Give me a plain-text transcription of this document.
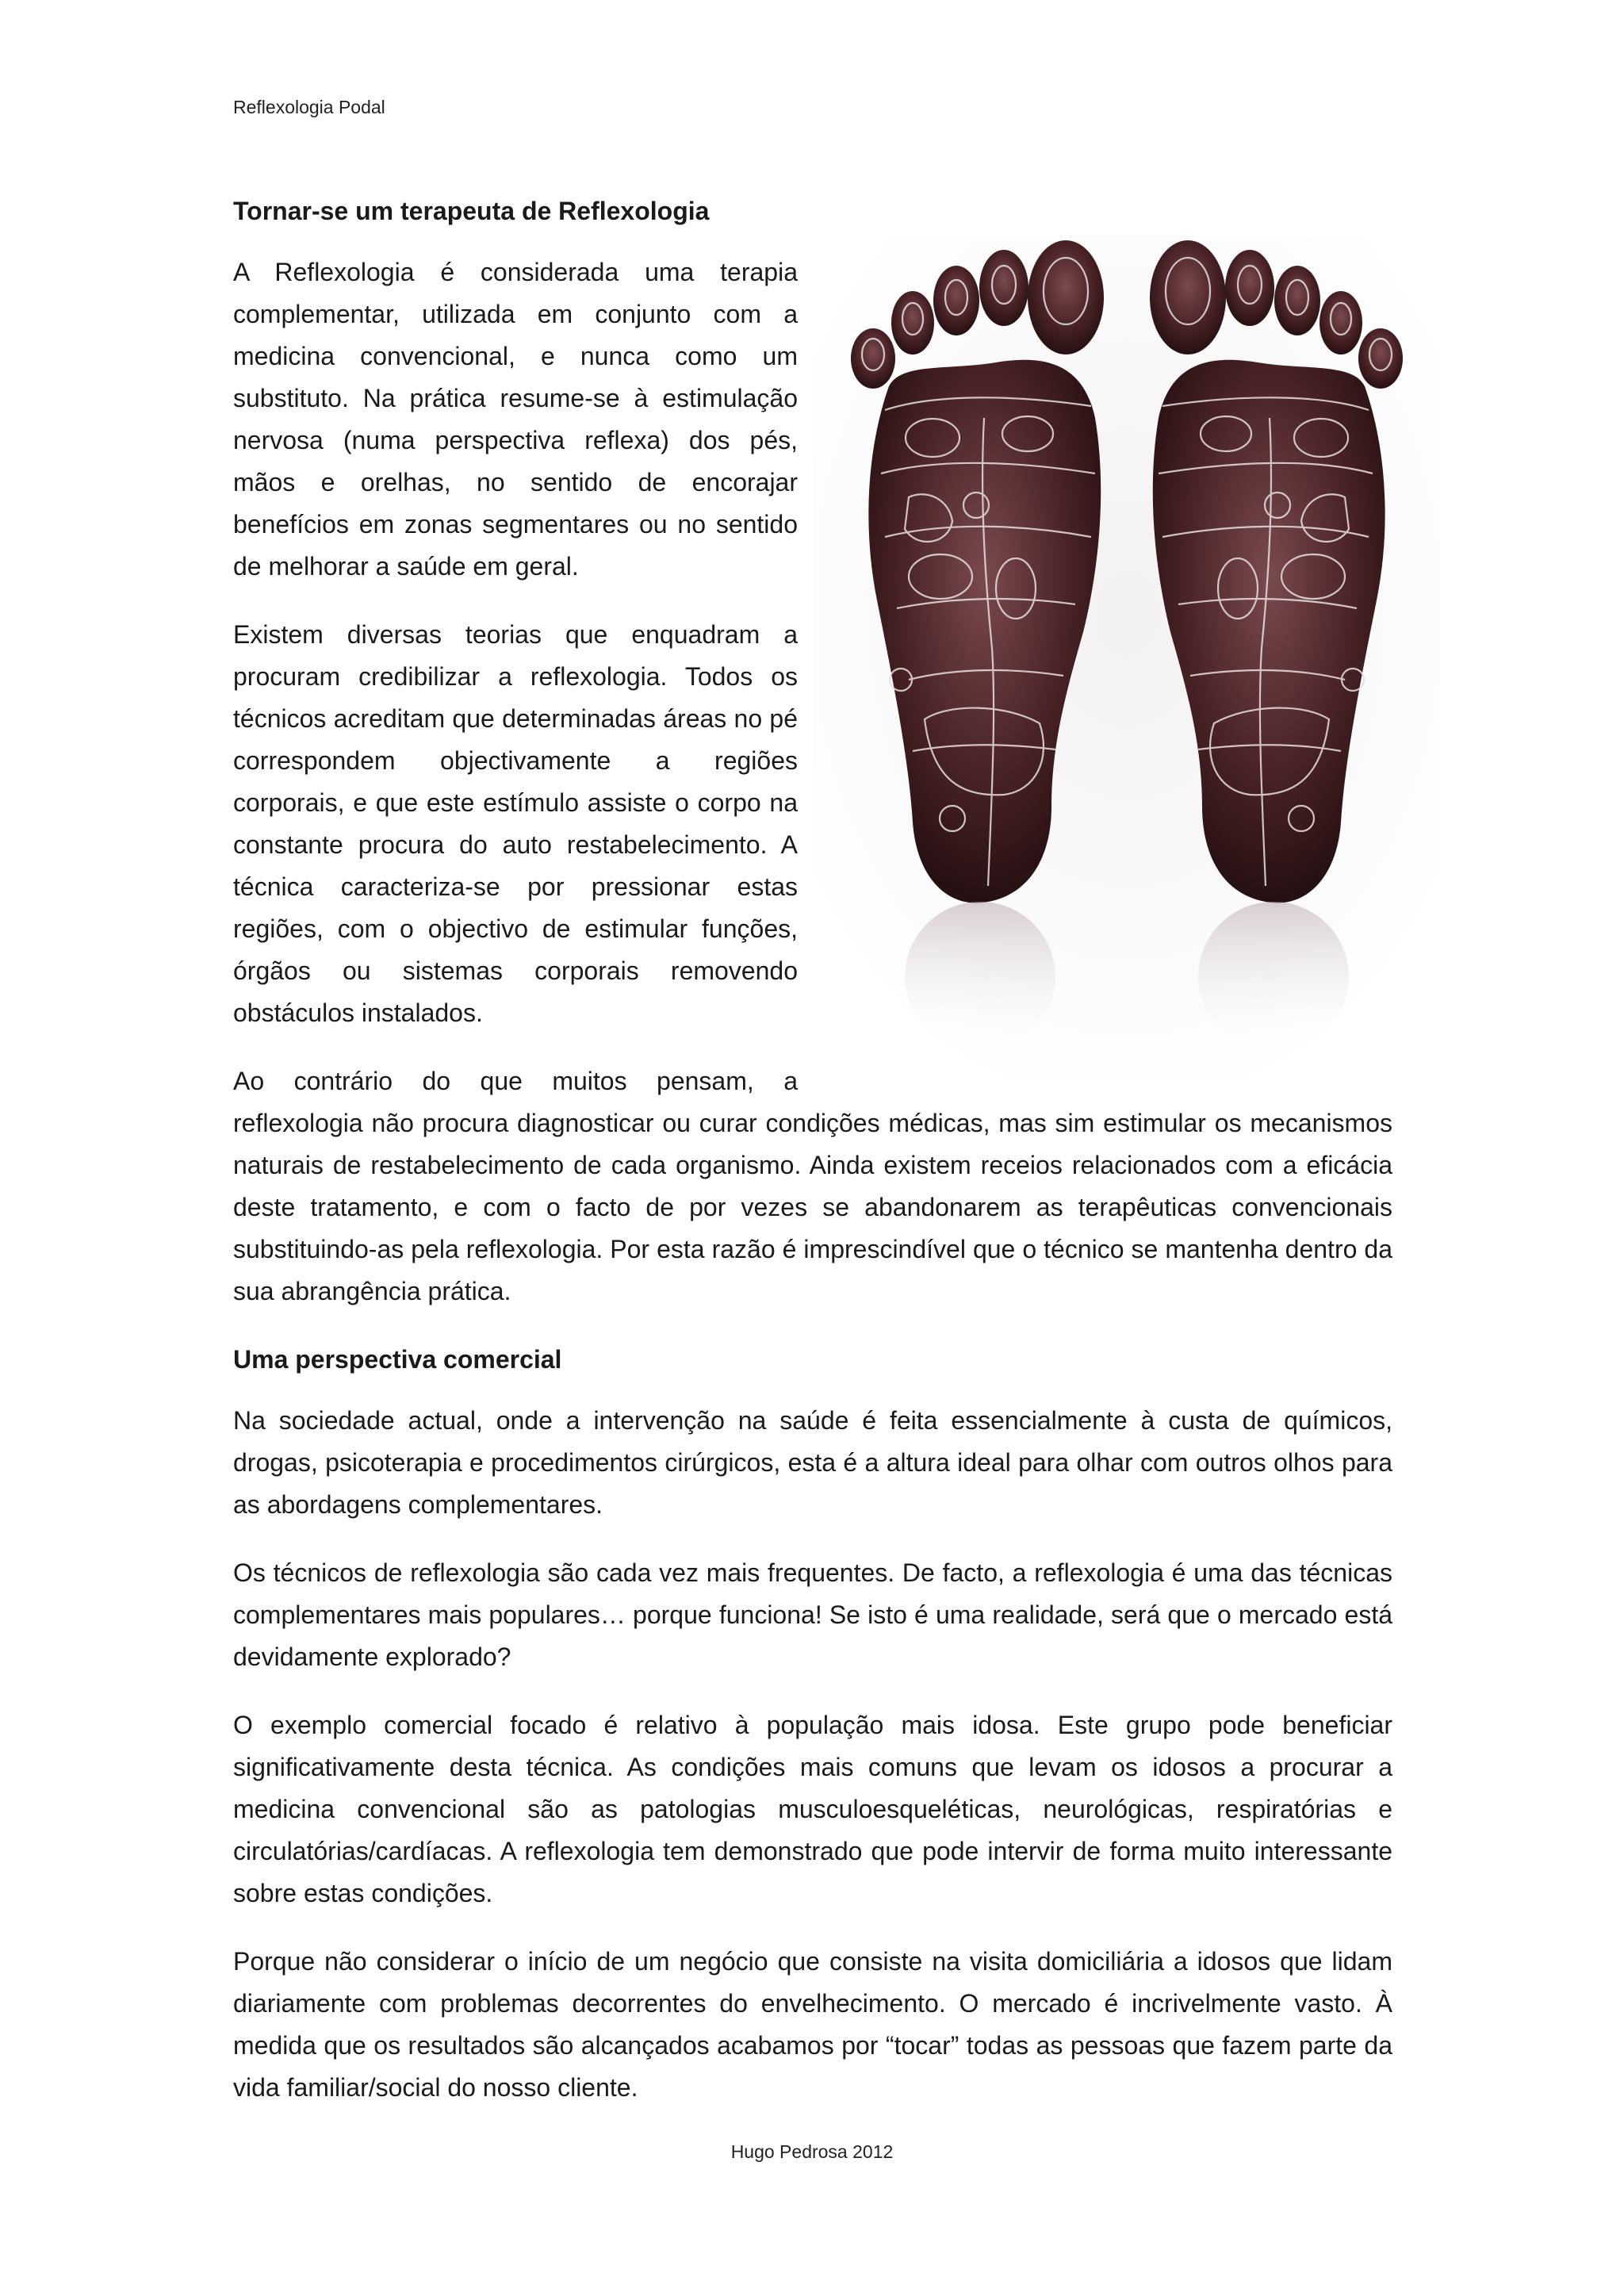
Reflexologia Podal
Tornar-se um terapeuta de Reflexologia

A Reflexologia é considerada uma terapia complementar, utilizada em conjunto com a medicina convencional, e nunca como um substituto. Na prática resume-se à estimulação nervosa (numa perspectiva reflexa) dos pés, mãos e orelhas, no sentido de encorajar benefícios em zonas segmentares ou no sentido de melhorar a saúde em geral.

Existem diversas teorias que enquadram a procuram credibilizar a reflexologia. Todos os técnicos acreditam que determinadas áreas no pé correspondem objectivamente a regiões corporais, e que este estímulo assiste o corpo na constante procura do auto restabelecimento. A técnica caracteriza-se por pressionar estas regiões, com o objectivo de estimular funções, órgãos ou sistemas corporais removendo obstáculos instalados.

Ao contrário do que muitos pensam, a reflexologia não procura diagnosticar ou curar condições médicas, mas sim estimular os mecanismos naturais de restabelecimento de cada organismo. Ainda existem receios relacionados com a eficácia deste tratamento, e com o facto de por vezes se abandonarem as terapêuticas convencionais substituindo-as pela reflexologia. Por esta razão é imprescindível que o técnico se mantenha dentro da sua abrangência prática.

Uma perspectiva comercial

Na sociedade actual, onde a intervenção na saúde é feita essencialmente à custa de químicos, drogas, psicoterapia e procedimentos cirúrgicos, esta é a altura ideal para olhar com outros olhos para as abordagens complementares.

Os técnicos de reflexologia são cada vez mais frequentes. De facto, a reflexologia é uma das técnicas complementares mais populares… porque funciona! Se isto é uma realidade, será que o mercado está devidamente explorado?

O exemplo comercial focado é relativo à população mais idosa. Este grupo pode beneficiar significativamente desta técnica. As condições mais comuns que levam os idosos a procurar a medicina convencional são as patologias musculoesqueléticas, neurológicas, respiratórias e circulatórias/cardíacas. A reflexologia tem demonstrado que pode intervir de forma muito interessante sobre estas condições.

Porque não considerar o início de um negócio que consiste na visita domiciliária a idosos que lidam diariamente com problemas decorrentes do envelhecimento. O mercado é incrivelmente vasto. À medida que os resultados são alcançados acabamos por “tocar” todas as pessoas que fazem parte da vida familiar/social do nosso cliente.

Hugo Pedrosa 2012
